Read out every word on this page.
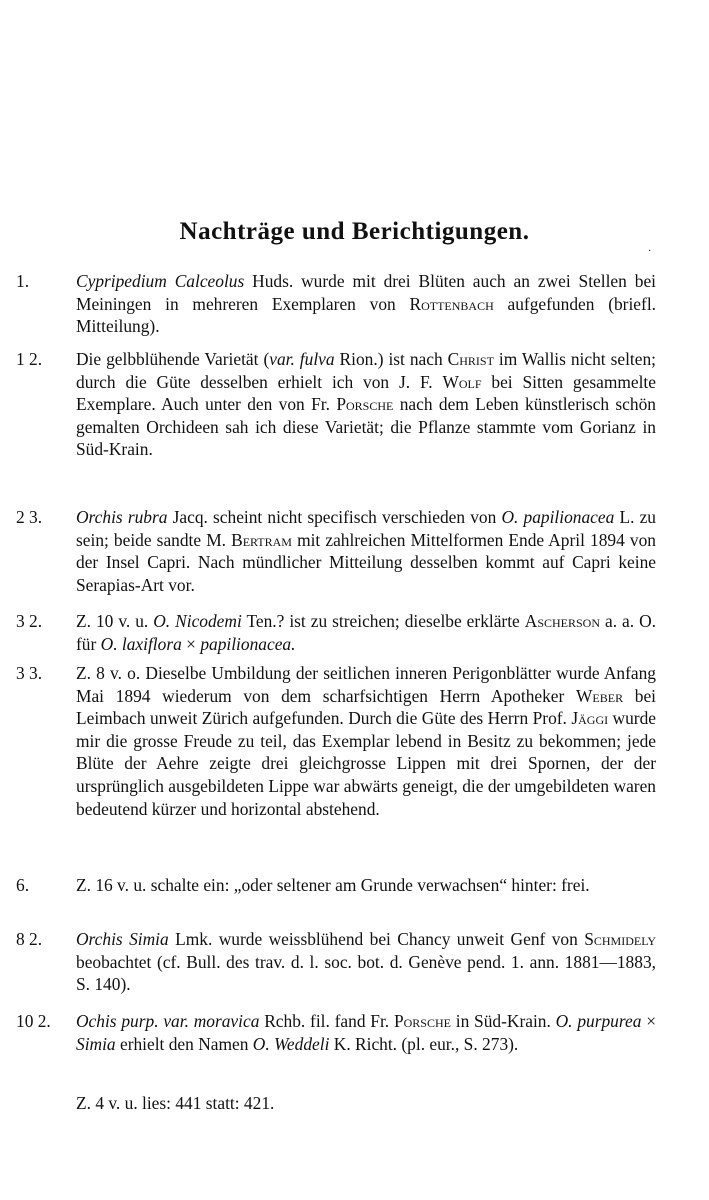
Nachträge und Berichtigungen.
·
1.	Cypripedium Calceolus Huds. wurde mit drei Blüten auch an zwei Stellen bei Meiningen in mehreren Exemplaren von Rottenbach aufgefunden (briefl. Mitteilung).
1 2.	Die gelbblühende Varietät (var. fulva Rion.) ist nach Christ im Wallis nicht selten; durch die Güte desselben erhielt ich von J. F. Wolf bei Sitten gesammelte Exemplare. Auch unter den von Fr. Porsche nach dem Leben künstlerisch schön gemalten Orchideen sah ich diese Varietät; die Pflanze stammte vom Gorianz in Süd-Krain.
2 3.	Orchis rubra Jacq. scheint nicht specifisch verschieden von O. papilionacea L. zu sein; beide sandte M. Bertram mit zahlreichen Mittelformen Ende April 1894 von der Insel Capri. Nach mündlicher Mitteilung desselben kommt auf Capri keine Serapias-Art vor.
3 2.	Z. 10 v. u. O. Nicodemi Ten.? ist zu streichen; dieselbe erklärte Ascherson a. a. O. für O. laxiflora × papilionacea.
3 3.	Z. 8 v. o. Dieselbe Umbildung der seitlichen inneren Perigonblätter wurde Anfang Mai 1894 wiederum von dem scharfsichtigen Herrn Apotheker Weber bei Leimbach unweit Zürich aufgefunden. Durch die Güte des Herrn Prof. Jäggi wurde mir die grosse Freude zu teil, das Exemplar lebend in Besitz zu bekommen; jede Blüte der Aehre zeigte drei gleichgrosse Lippen mit drei Spornen, der der ursprünglich ausgebildeten Lippe war abwärts geneigt, die der umgebildeten waren bedeutend kürzer und horizontal abstehend.
6.	Z. 16 v. u. schalte ein: „oder seltener am Grunde verwachsen“ hinter: frei.
8 2.	Orchis Simia Lmk. wurde weissblühend bei Chancy unweit Genf von Schmidely beobachtet (cf. Bull. des trav. d. l. soc. bot. d. Genève pend. 1. ann. 1881—1883, S. 140).
10 2.	Ochis purp. var. moravica Rchb. fil. fand Fr. Porsche in Süd-Krain. O. purpurea × Simia erhielt den Namen O. Weddeli K. Richt. (pl. eur., S. 273).
Z. 4 v. u. lies: 441 statt: 421.
